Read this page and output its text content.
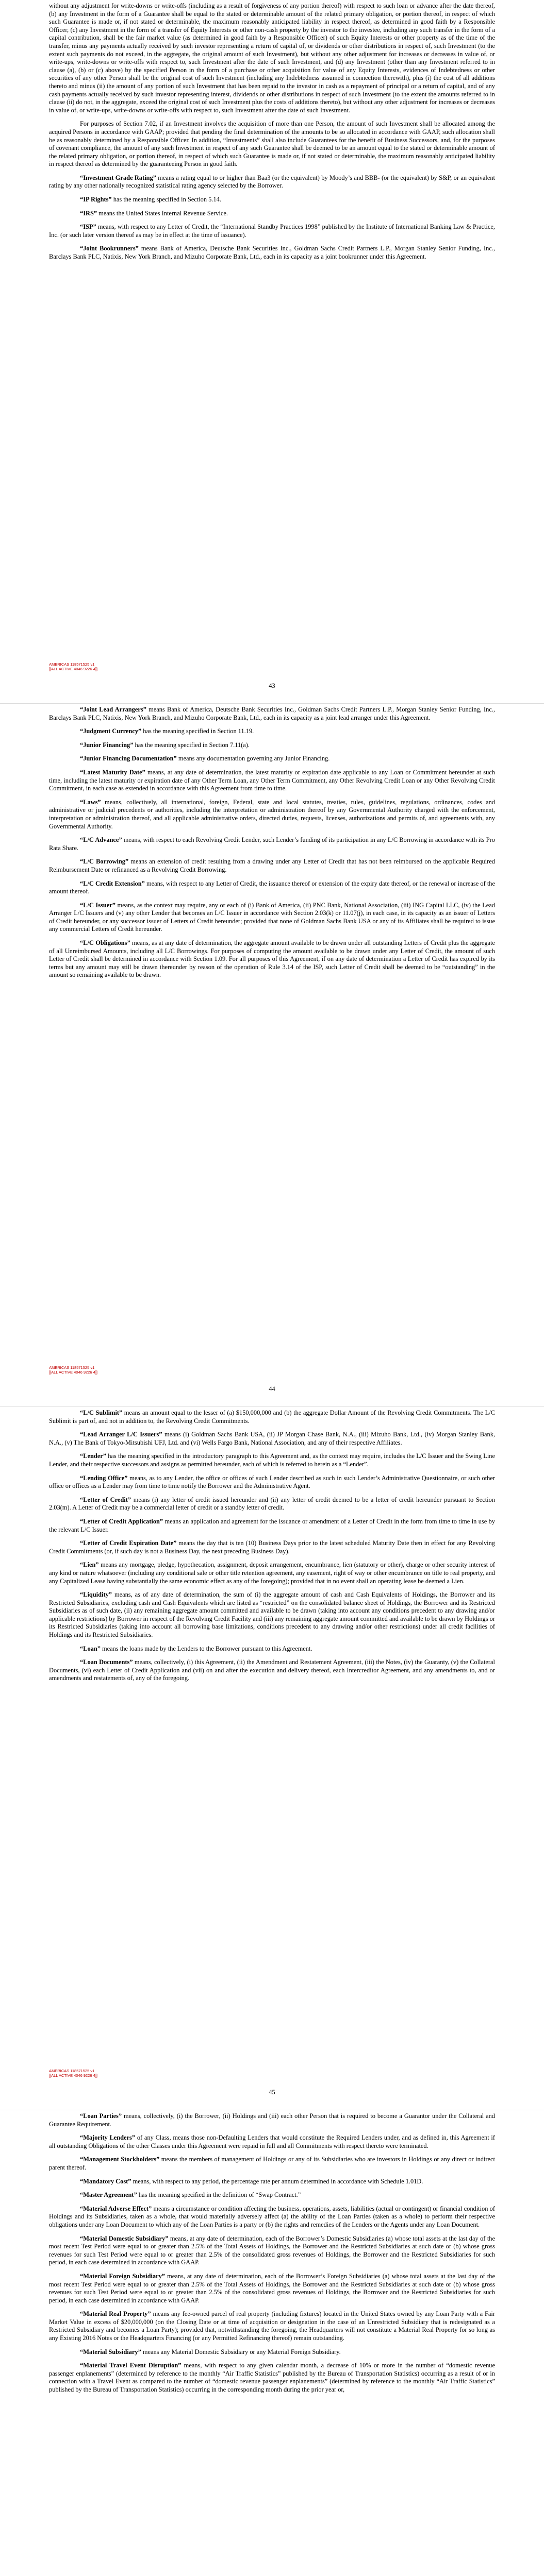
without any adjustment for write-downs or write-offs (including as a result of forgiveness of any portion thereof) with respect to such loan or advance after the date thereof, (b) any Investment in the form of a Guarantee shall be equal to the stated or determinable amount of the related primary obligation, or portion thereof, in respect of which such Guarantee is made or, if not stated or determinable, the maximum reasonably anticipated liability in respect thereof, as determined in good faith by a Responsible Officer, (c) any Investment in the form of a transfer of Equity Interests or other non-cash property by the investor to the investee, including any such transfer in the form of a capital contribution, shall be the fair market value (as determined in good faith by a Responsible Officer) of such Equity Interests or other property as of the time of the transfer, minus any payments actually received by such investor representing a return of capital of, or dividends or other distributions in respect of, such Investment (to the extent such payments do not exceed, in the aggregate, the original amount of such Investment), but without any other adjustment for increases or decreases in value of, or write-ups, write-downs or write-offs with respect to, such Investment after the date of such Investment, and (d) any Investment (other than any Investment referred to in clause (a), (b) or (c) above) by the specified Person in the form of a purchase or other acquisition for value of any Equity Interests, evidences of Indebtedness or other securities of any other Person shall be the original cost of such Investment (including any Indebtedness assumed in connection therewith), plus (i) the cost of all additions thereto and minus (ii) the amount of any portion of such Investment that has been repaid to the investor in cash as a repayment of principal or a return of capital, and of any cash payments actually received by such investor representing interest, dividends or other distributions in respect of such Investment (to the extent the amounts referred to in clause (ii) do not, in the aggregate, exceed the original cost of such Investment plus the costs of additions thereto), but without any other adjustment for increases or decreases in value of, or write-ups, write-downs or write-offs with respect to, such Investment after the date of such Investment.

For purposes of Section 7.02, if an Investment involves the acquisition of more than one Person, the amount of such Investment shall be allocated among the acquired Persons in accordance with GAAP; provided that pending the final determination of the amounts to be so allocated in accordance with GAAP, such allocation shall be as reasonably determined by a Responsible Officer. In addition, “Investments” shall also include Guarantees for the benefit of Business Successors, and, for the purposes of covenant compliance, the amount of any such Investment in respect of any such Guarantee shall be deemed to be an amount equal to the stated or determinable amount of the related primary obligation, or portion thereof, in respect of which such Guarantee is made or, if not stated or determinable, the maximum reasonably anticipated liability in respect thereof as determined by the guaranteeing Person in good faith.

“Investment Grade Rating” means a rating equal to or higher than Baa3 (or the equivalent) by Moody’s and BBB- (or the equivalent) by S&P, or an equivalent rating by any other nationally recognized statistical rating agency selected by the Borrower.

“IP Rights” has the meaning specified in Section 5.14.

“IRS” means the United States Internal Revenue Service.

“ISP” means, with respect to any Letter of Credit, the “International Standby Practices 1998” published by the Institute of International Banking Law & Practice, Inc. (or such later version thereof as may be in effect at the time of issuance).

“Joint Bookrunners” means Bank of America, Deutsche Bank Securities Inc., Goldman Sachs Credit Partners L.P., Morgan Stanley Senior Funding, Inc., Barclays Bank PLC, Natixis, New York Branch, and Mizuho Corporate Bank, Ltd., each in its capacity as a joint bookrunner under this Agreement.

AMERICAS 118571525 v1
[[ALL ACTIVE 4046 9226 4]]
43

“Joint Lead Arrangers” means Bank of America, Deutsche Bank Securities Inc., Goldman Sachs Credit Partners L.P., Morgan Stanley Senior Funding, Inc., Barclays Bank PLC, Natixis, New York Branch, and Mizuho Corporate Bank, Ltd., each in its capacity as a joint lead arranger under this Agreement.

“Judgment Currency” has the meaning specified in Section 11.19.

“Junior Financing” has the meaning specified in Section 7.11(a).

“Junior Financing Documentation” means any documentation governing any Junior Financing.

“Latest Maturity Date” means, at any date of determination, the latest maturity or expiration date applicable to any Loan or Commitment hereunder at such time, including the latest maturity or expiration date of any Other Term Loan, any Other Term Commitment, any Other Revolving Credit Loan or any Other Revolving Credit Commitment, in each case as extended in accordance with this Agreement from time to time.

“Laws” means, collectively, all international, foreign, Federal, state and local statutes, treaties, rules, guidelines, regulations, ordinances, codes and administrative or judicial precedents or authorities, including the interpretation or administration thereof by any Governmental Authority charged with the enforcement, interpretation or administration thereof, and all applicable administrative orders, directed duties, requests, licenses, authorizations and permits of, and agreements with, any Governmental Authority.

“L/C Advance” means, with respect to each Revolving Credit Lender, such Lender’s funding of its participation in any L/C Borrowing in accordance with its Pro Rata Share.

“L/C Borrowing” means an extension of credit resulting from a drawing under any Letter of Credit that has not been reimbursed on the applicable Required Reimbursement Date or refinanced as a Revolving Credit Borrowing.

“L/C Credit Extension” means, with respect to any Letter of Credit, the issuance thereof or extension of the expiry date thereof, or the renewal or increase of the amount thereof.

“L/C Issuer” means, as the context may require, any or each of (i) Bank of America, (ii) PNC Bank, National Association, (iii) ING Capital LLC, (iv) the Lead Arranger L/C Issuers and (v) any other Lender that becomes an L/C Issuer in accordance with Section 2.03(k) or 11.07(j), in each case, in its capacity as an issuer of Letters of Credit hereunder, or any successor issuer of Letters of Credit hereunder; provided that none of Goldman Sachs Bank USA or any of its Affiliates shall be required to issue any commercial Letters of Credit hereunder.

“L/C Obligations” means, as at any date of determination, the aggregate amount available to be drawn under all outstanding Letters of Credit plus the aggregate of all Unreimbursed Amounts, including all L/C Borrowings. For purposes of computing the amount available to be drawn under any Letter of Credit, the amount of such Letter of Credit shall be determined in accordance with Section 1.09. For all purposes of this Agreement, if on any date of determination a Letter of Credit has expired by its terms but any amount may still be drawn thereunder by reason of the operation of Rule 3.14 of the ISP, such Letter of Credit shall be deemed to be “outstanding” in the amount so remaining available to be drawn.

AMERICAS 118571525 v1
[[ALL ACTIVE 4046 9226 4]]
44

“L/C Sublimit” means an amount equal to the lesser of (a) $150,000,000 and (b) the aggregate Dollar Amount of the Revolving Credit Commitments. The L/C Sublimit is part of, and not in addition to, the Revolving Credit Commitments.

“Lead Arranger L/C Issuers” means (i) Goldman Sachs Bank USA, (ii) JP Morgan Chase Bank, N.A., (iii) Mizuho Bank, Ltd., (iv) Morgan Stanley Bank, N.A., (v) The Bank of Tokyo-Mitsubishi UFJ, Ltd. and (vi) Wells Fargo Bank, National Association, and any of their respective Affiliates.

“Lender” has the meaning specified in the introductory paragraph to this Agreement and, as the context may require, includes the L/C Issuer and the Swing Line Lender, and their respective successors and assigns as permitted hereunder, each of which is referred to herein as a “Lender”.

“Lending Office” means, as to any Lender, the office or offices of such Lender described as such in such Lender’s Administrative Questionnaire, or such other office or offices as a Lender may from time to time notify the Borrower and the Administrative Agent.

“Letter of Credit” means (i) any letter of credit issued hereunder and (ii) any letter of credit deemed to be a letter of credit hereunder pursuant to Section 2.03(m). A Letter of Credit may be a commercial letter of credit or a standby letter of credit.

“Letter of Credit Application” means an application and agreement for the issuance or amendment of a Letter of Credit in the form from time to time in use by the relevant L/C Issuer.

“Letter of Credit Expiration Date” means the day that is ten (10) Business Days prior to the latest scheduled Maturity Date then in effect for any Revolving Credit Commitments (or, if such day is not a Business Day, the next preceding Business Day).

“Lien” means any mortgage, pledge, hypothecation, assignment, deposit arrangement, encumbrance, lien (statutory or other), charge or other security interest of any kind or nature whatsoever (including any conditional sale or other title retention agreement, any easement, right of way or other encumbrance on title to real property, and any Capitalized Lease having substantially the same economic effect as any of the foregoing); provided that in no event shall an operating lease be deemed a Lien.

“Liquidity” means, as of any date of determination, the sum of (i) the aggregate amount of cash and Cash Equivalents of Holdings, the Borrower and its Restricted Subsidiaries, excluding cash and Cash Equivalents which are listed as “restricted” on the consolidated balance sheet of Holdings, the Borrower and its Restricted Subsidiaries as of such date, (ii) any remaining aggregate amount committed and available to be drawn (taking into account any conditions precedent to any drawing and/or applicable restrictions) by Borrower in respect of the Revolving Credit Facility and (iii) any remaining aggregate amount committed and available to be drawn by Holdings or its Restricted Subsidiaries (taking into account all borrowing base limitations, conditions precedent to any drawing and/or other restrictions) under all credit facilities of Holdings and its Restricted Subsidiaries.

“Loan” means the loans made by the Lenders to the Borrower pursuant to this Agreement.

“Loan Documents” means, collectively, (i) this Agreement, (ii) the Amendment and Restatement Agreement, (iii) the Notes, (iv) the Guaranty, (v) the Collateral Documents, (vi) each Letter of Credit Application and (vii) on and after the execution and delivery thereof, each Intercreditor Agreement, and any amendments to, and or amendments and restatements of, any of the foregoing.

AMERICAS 118571525 v1
[[ALL ACTIVE 4046 9226 4]]
45

“Loan Parties” means, collectively, (i) the Borrower, (ii) Holdings and (iii) each other Person that is required to become a Guarantor under the Collateral and Guarantee Requirement.

“Majority Lenders” of any Class, means those non-Defaulting Lenders that would constitute the Required Lenders under, and as defined in, this Agreement if all outstanding Obligations of the other Classes under this Agreement were repaid in full and all Commitments with respect thereto were terminated.

“Management Stockholders” means the members of management of Holdings or any of its Subsidiaries who are investors in Holdings or any direct or indirect parent thereof.

“Mandatory Cost” means, with respect to any period, the percentage rate per annum determined in accordance with Schedule 1.01D.

“Master Agreement” has the meaning specified in the definition of “Swap Contract.”

“Material Adverse Effect” means a circumstance or condition affecting the business, operations, assets, liabilities (actual or contingent) or financial condition of Holdings and its Subsidiaries, taken as a whole, that would materially adversely affect (a) the ability of the Loan Parties (taken as a whole) to perform their respective obligations under any Loan Document to which any of the Loan Parties is a party or (b) the rights and remedies of the Lenders or the Agents under any Loan Document.

“Material Domestic Subsidiary” means, at any date of determination, each of the Borrower’s Domestic Subsidiaries (a) whose total assets at the last day of the most recent Test Period were equal to or greater than 2.5% of the Total Assets of Holdings, the Borrower and the Restricted Subsidiaries at such date or (b) whose gross revenues for such Test Period were equal to or greater than 2.5% of the consolidated gross revenues of Holdings, the Borrower and the Restricted Subsidiaries for such period, in each case determined in accordance with GAAP.

“Material Foreign Subsidiary” means, at any date of determination, each of the Borrower’s Foreign Subsidiaries (a) whose total assets at the last day of the most recent Test Period were equal to or greater than 2.5% of the Total Assets of Holdings, the Borrower and the Restricted Subsidiaries at such date or (b) whose gross revenues for such Test Period were equal to or greater than 2.5% of the consolidated gross revenues of Holdings, the Borrower and the Restricted Subsidiaries for such period, in each case determined in accordance with GAAP.

“Material Real Property” means any fee-owned parcel of real property (including fixtures) located in the United States owned by any Loan Party with a Fair Market Value in excess of $20,000,000 (on the Closing Date or at time of acquisition or designation in the case of an Unrestricted Subsidiary that is redesignated as a Restricted Subsidiary and becomes a Loan Party); provided that, notwithstanding the foregoing, the Headquarters will not constitute a Material Real Property for so long as any Existing 2016 Notes or the Headquarters Financing (or any Permitted Refinancing thereof) remain outstanding.

“Material Subsidiary” means any Material Domestic Subsidiary or any Material Foreign Subsidiary.

“Material Travel Event Disruption” means, with respect to any given calendar month, a decrease of 10% or more in the number of “domestic revenue passenger enplanements” (determined by reference to the monthly “Air Traffic Statistics” published by the Bureau of Transportation Statistics) occurring as a result of or in connection with a Travel Event as compared to the number of “domestic revenue passenger enplanements” (determined by reference to the monthly “Air Traffic Statistics” published by the Bureau of Transportation Statistics) occurring in the corresponding month during the prior year or,
